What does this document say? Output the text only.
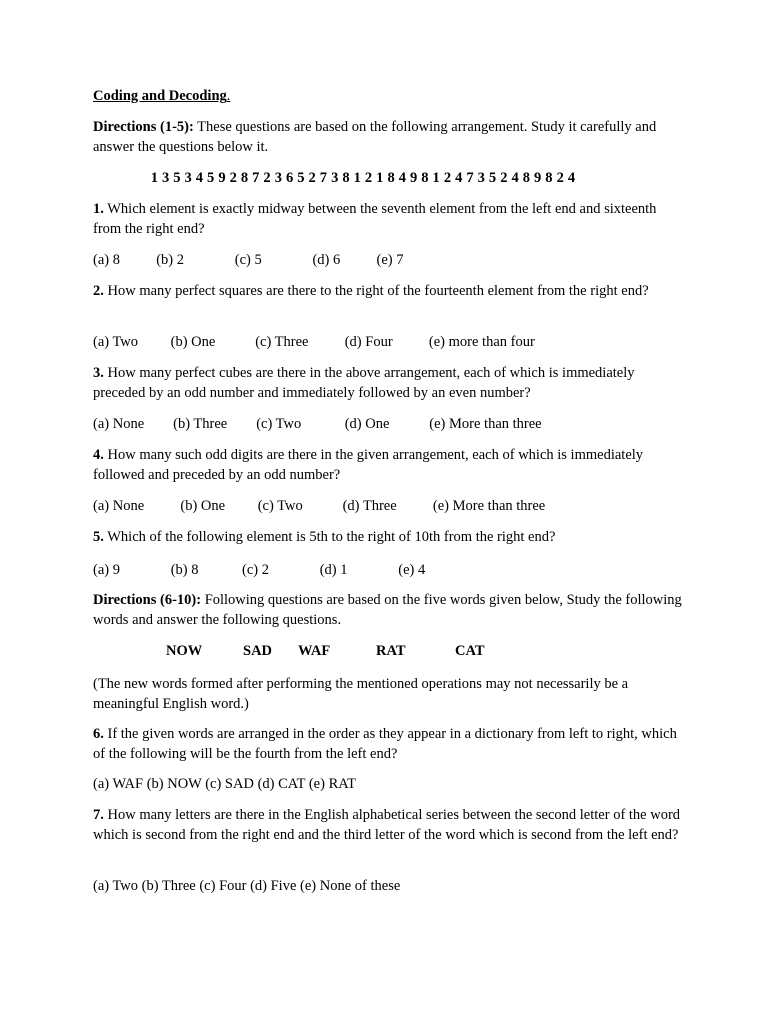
Coding and Decoding.

Directions (1-5): These questions are based on the following arrangement. Study it carefully and answer the questions below it.

1 3 5 3 4 5 9 2 8 7 2 3 6 5 2 7 3 8 1 2 1 8 4 9 8 1 2 4 7 3 5 2 4 8 9 8 2 4

1. Which element is exactly midway between the seventh element from the left end and sixteenth from the right end?

(a) 8          (b) 2              (c) 5              (d) 6          (e) 7

2. How many perfect squares are there to the right of the fourteenth element from the right end?

(a) Two         (b) One           (c) Three          (d) Four          (e) more than four

3. How many perfect cubes are there in the above arrangement, each of which is immediately preceded by an odd number and immediately followed by an even number?

(a) None        (b) Three        (c) Two            (d) One           (e) More than three

4. How many such odd digits are there in the given arrangement, each of which is immediately followed and preceded by an odd number?

(a) None          (b) One         (c) Two           (d) Three          (e) More than three

5. Which of the following element is 5th to the right of 10th from the right end?

(a) 9              (b) 8            (c) 2              (d) 1              (e) 4

Directions (6-10): Following questions are based on the five words given below, Study the following words and answer the following questions.

NOW	SAD WAF	RAT	CAT

(The new words formed after performing the mentioned operations may not necessarily be a meaningful English word.)

6. If the given words are arranged in the order as they appear in a dictionary from left to right, which of the following will be the fourth from the left end?

(a) WAF (b) NOW (c) SAD (d) CAT (e) RAT

7. How many letters are there in the English alphabetical series between the second letter of the word which is second from the right end and the third letter of the word which is second from the left end?

(a) Two (b) Three (c) Four (d) Five (e) None of these
